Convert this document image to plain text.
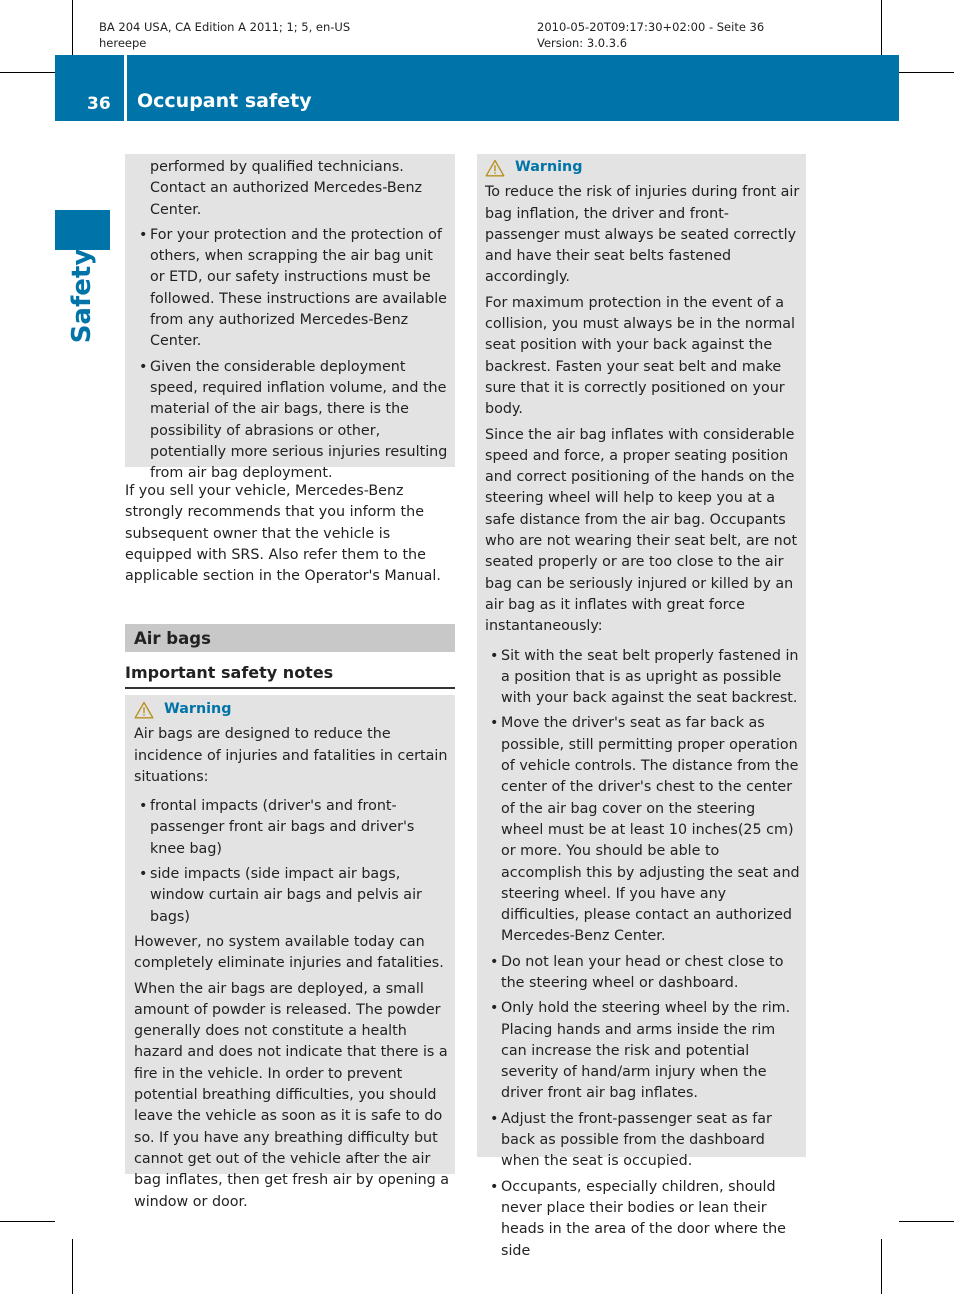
BA 204 USA, CA Edition A 2011; 1; 5, en-US
hereepe
2010-05-20T09:17:30+02:00 - Seite 36
Version: 3.0.3.6
36 Occupant safety
Safety
performed by qualified technicians.
Contact an authorized Mercedes-Benz
Center.
• For your protection and the protection of others, when scrapping the air bag unit or ETD, our safety instructions must be followed. These instructions are available from any authorized Mercedes-Benz Center.
• Given the considerable deployment speed, required inflation volume, and the material of the air bags, there is the possibility of abrasions or other, potentially more serious injuries resulting from air bag deployment.
If you sell your vehicle, Mercedes-Benz strongly recommends that you inform the subsequent owner that the vehicle is equipped with SRS. Also refer them to the applicable section in the Operator's Manual.
Air bags
Important safety notes
Warning

Air bags are designed to reduce the incidence of injuries and fatalities in certain situations:

• frontal impacts (driver's and front-passenger front air bags and driver's knee bag)
• side impacts (side impact air bags, window curtain air bags and pelvis air bags)

However, no system available today can completely eliminate injuries and fatalities.

When the air bags are deployed, a small amount of powder is released. The powder generally does not constitute a health hazard and does not indicate that there is a fire in the vehicle. In order to prevent potential breathing difficulties, you should leave the vehicle as soon as it is safe to do so. If you have any breathing difficulty but cannot get out of the vehicle after the air bag inflates, then get fresh air by opening a window or door.

Warning

To reduce the risk of injuries during front air bag inflation, the driver and front-passenger must always be seated correctly and have their seat belts fastened accordingly.

For maximum protection in the event of a collision, you must always be in the normal seat position with your back against the backrest. Fasten your seat belt and make sure that it is correctly positioned on your body.

Since the air bag inflates with considerable speed and force, a proper seating position and correct positioning of the hands on the steering wheel will help to keep you at a safe distance from the air bag. Occupants who are not wearing their seat belt, are not seated properly or are too close to the air bag can be seriously injured or killed by an air bag as it inflates with great force instantaneously:

• Sit with the seat belt properly fastened in a position that is as upright as possible with your back against the seat backrest.
• Move the driver's seat as far back as possible, still permitting proper operation of vehicle controls. The distance from the center of the driver's chest to the center of the air bag cover on the steering wheel must be at least 10 inches(25 cm) or more. You should be able to accomplish this by adjusting the seat and steering wheel. If you have any difficulties, please contact an authorized Mercedes-Benz Center.
• Do not lean your head or chest close to the steering wheel or dashboard.
• Only hold the steering wheel by the rim. Placing hands and arms inside the rim can increase the risk and potential severity of hand/arm injury when the driver front air bag inflates.
• Adjust the front-passenger seat as far back as possible from the dashboard when the seat is occupied.
• Occupants, especially children, should never place their bodies or lean their heads in the area of the door where the side
